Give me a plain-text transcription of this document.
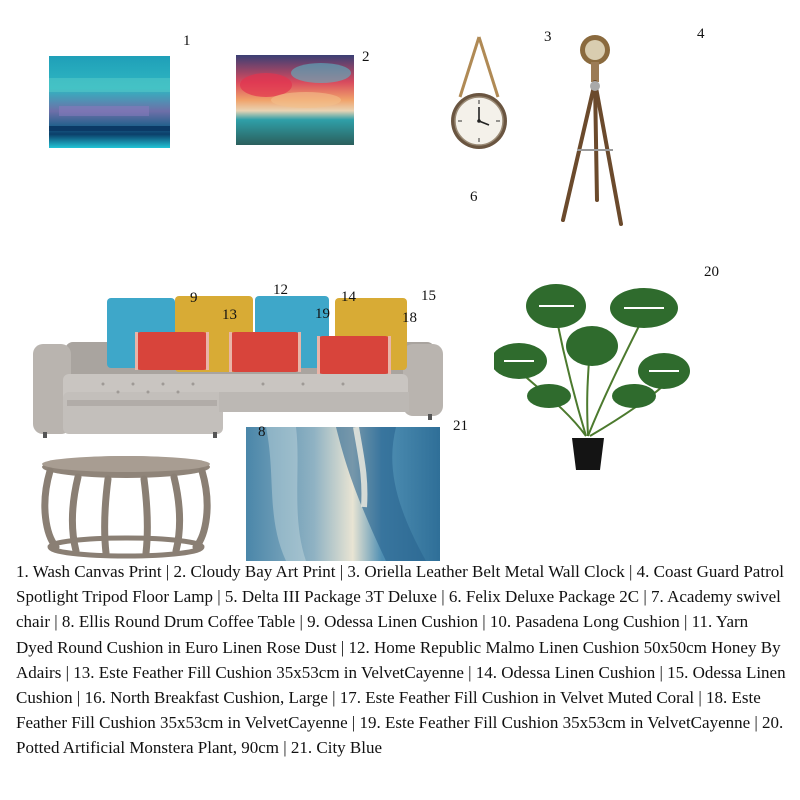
1
2
3	4
6
9
13
12	14
19
15
18
20
8	21
1. Wash Canvas Print | 2. Cloudy Bay Art Print | 3. Oriella Leather Belt Metal Wall Clock | 4. Coast Guard Patrol Spotlight Tripod Floor Lamp | 5. Delta III Package 3T Deluxe | 6. Felix Deluxe Package 2C | 7. Academy swivel chair | 8. Ellis Round Drum Coffee Table | 9. Odessa Linen Cushion | 10. Pasadena Long Cushion | 11. Yarn Dyed Round Cushion in Euro Linen Rose Dust | 12. Home Republic Malmo Linen Cushion 50x50cm Honey By Adairs | 13. Este Feather Fill Cushion 35x53cm in VelvetCayenne | 14. Odessa Linen Cushion | 15. Odessa Linen Cushion | 16. North Breakfast Cushion, Large | 17. Este Feather Fill Cushion in Velvet Muted Coral | 18. Este Feather Fill Cushion 35x53cm in VelvetCayenne | 19. Este Feather Fill Cushion 35x53cm in VelvetCayenne | 20. Potted Artificial Monstera Plant, 90cm | 21. City Blue
